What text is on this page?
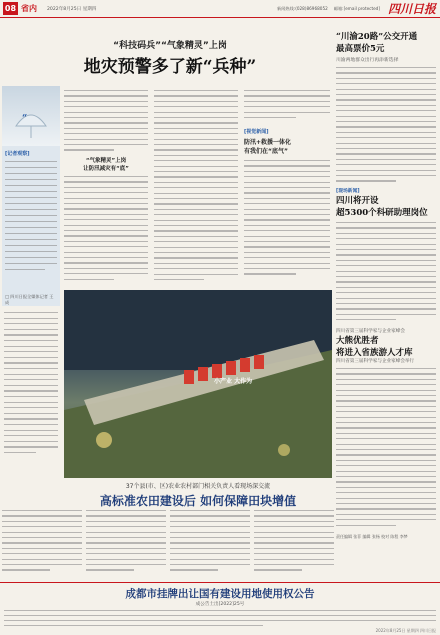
08 省内 2022年8月25日 星期四	新闻热线:(028)86968052 邮箱:[email protected] 四川日报
“科技码兵”“气象精灵”上岗
地灾预警多了新“兵种”
“
[记者观察]
□ 四川日报全媒体记者 王成
“气象精灵”上岗
让防汛减灾有“底”
[视觉新闻]
防汛+救援一体化
有我们在“底气”
小产业 大作为
37个县(市、区)农业农村部门相关负责人看现场深交流
高标准农田建设后 如何保障田块增值
“川渝20路”公交开通
最高票价5元
川渝两地群众出行再添新选择
[现场新闻]
四川将开设
超5300个科研助理岗位
四川省第三届科学家与企业家峰会
大熊优胜者
将进入省族游人才库
四川省第三届科学家与企业家峰会举行
责任编辑 张菲 编辑 张杨 校对 陈程 李梦
成都市挂牌出让国有建设用地使用权公告
成公告土出[2022]25号
2022年8月25日 星期四 四川日报
